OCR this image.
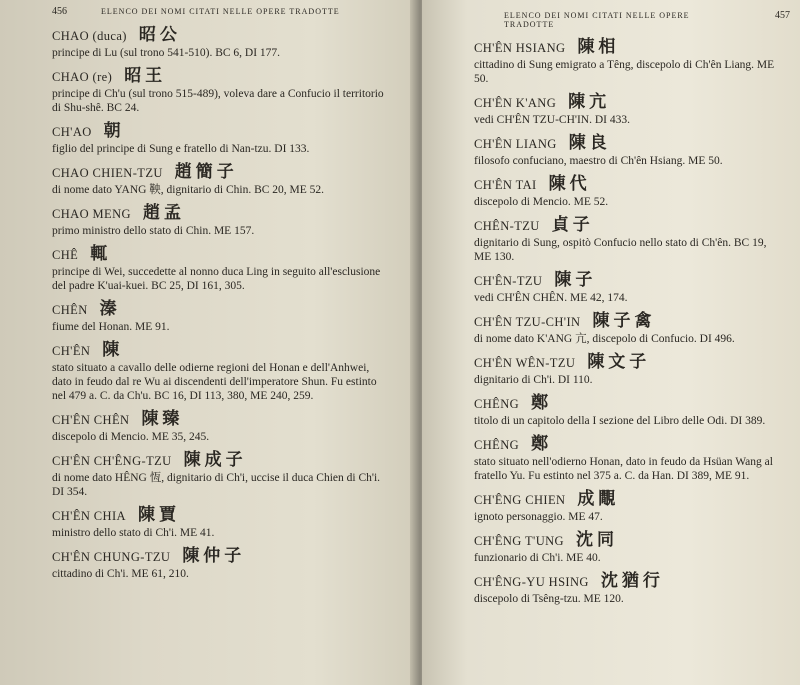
456	ELENCO DEI NOMI CITATI NELLE OPERE TRADOTTE
CHAO (duca) 昭公

principe di Lu (sul trono 541-510). BC 6, DI 177.

CHAO (re) 昭王

principe di Ch'u (sul trono 515-489), voleva dare a Confucio il territorio di Shu-shê. BC 24.

CH'AO 朝

figlio del principe di Sung e fratello di Nan-tzu. DI 133.

CHAO CHIEN-TZU 趙簡子

di nome dato YANG 鞅, dignitario di Chin. BC 20, ME 52.

CHAO MENG 趙孟

primo ministro dello stato di Chin. ME 157.

CHÊ 輒

principe di Wei, succedette al nonno duca Ling in seguito all'esclusione del padre K'uai-kuei. BC 25, DI 161, 305.

CHÊN 溱

fiume del Honan. ME 91.

CH'ÊN 陳

stato situato a cavallo delle odierne regioni del Honan e dell'Anhwei, dato in feudo dal re Wu ai discendenti dell'imperatore Shun. Fu estinto nel 479 a. C. da Ch'u. BC 16, DI 113, 380, ME 240, 259.

CH'ÊN CHÊN 陳臻

discepolo di Mencio. ME 35, 245.

CH'ÊN CH'ÊNG-TZU 陳成子

di nome dato HÊNG 恆, dignitario di Ch'i, uccise il duca Chien di Ch'i. DI 354.

CH'ÊN CHIA 陳賈

ministro dello stato di Ch'i. ME 41.

CH'ÊN CHUNG-TZU 陳仲子

cittadino di Ch'i. ME 61, 210.

ELENCO DEI NOMI CITATI NELLE OPERE TRADOTTE
457
CH'ÊN HSIANG 陳相

cittadino di Sung emigrato a Têng, discepolo di Ch'ên Liang. ME 50.

CH'ÊN K'ANG 陳亢

vedi CH'ÊN TZU-CH'IN. DI 433.

CH'ÊN LIANG 陳良

filosofo confuciano, maestro di Ch'ên Hsiang. ME 50.

CH'ÊN TAI 陳代

discepolo di Mencio. ME 52.

CHÊN-TZU 貞子

dignitario di Sung, ospitò Confucio nello stato di Ch'ên. BC 19, ME 130.

CH'ÊN-TZU 陳子

vedi CH'ÊN CHÊN. ME 42, 174.

CH'ÊN TZU-CH'IN 陳子禽

di nome dato K'ANG 亢, discepolo di Confucio. DI 496.

CH'ÊN WÊN-TZU 陳文子

dignitario di Ch'i. DI 110.

CHÊNG 鄭

titolo di un capitolo della I sezione del Libro delle Odi. DI 389.

CHÊNG 鄭

stato situato nell'odierno Honan, dato in feudo da Hsüan Wang al fratello Yu. Fu estinto nel 375 a. C. da Han. DI 389, ME 91.

CH'ÊNG CHIEN 成覸

ignoto personaggio. ME 47.

CH'ÊNG T'UNG 沈同

funzionario di Ch'i. ME 40.

CH'ÊNG-YU HSING 沈猶行

discepolo di Tsêng-tzu. ME 120.
